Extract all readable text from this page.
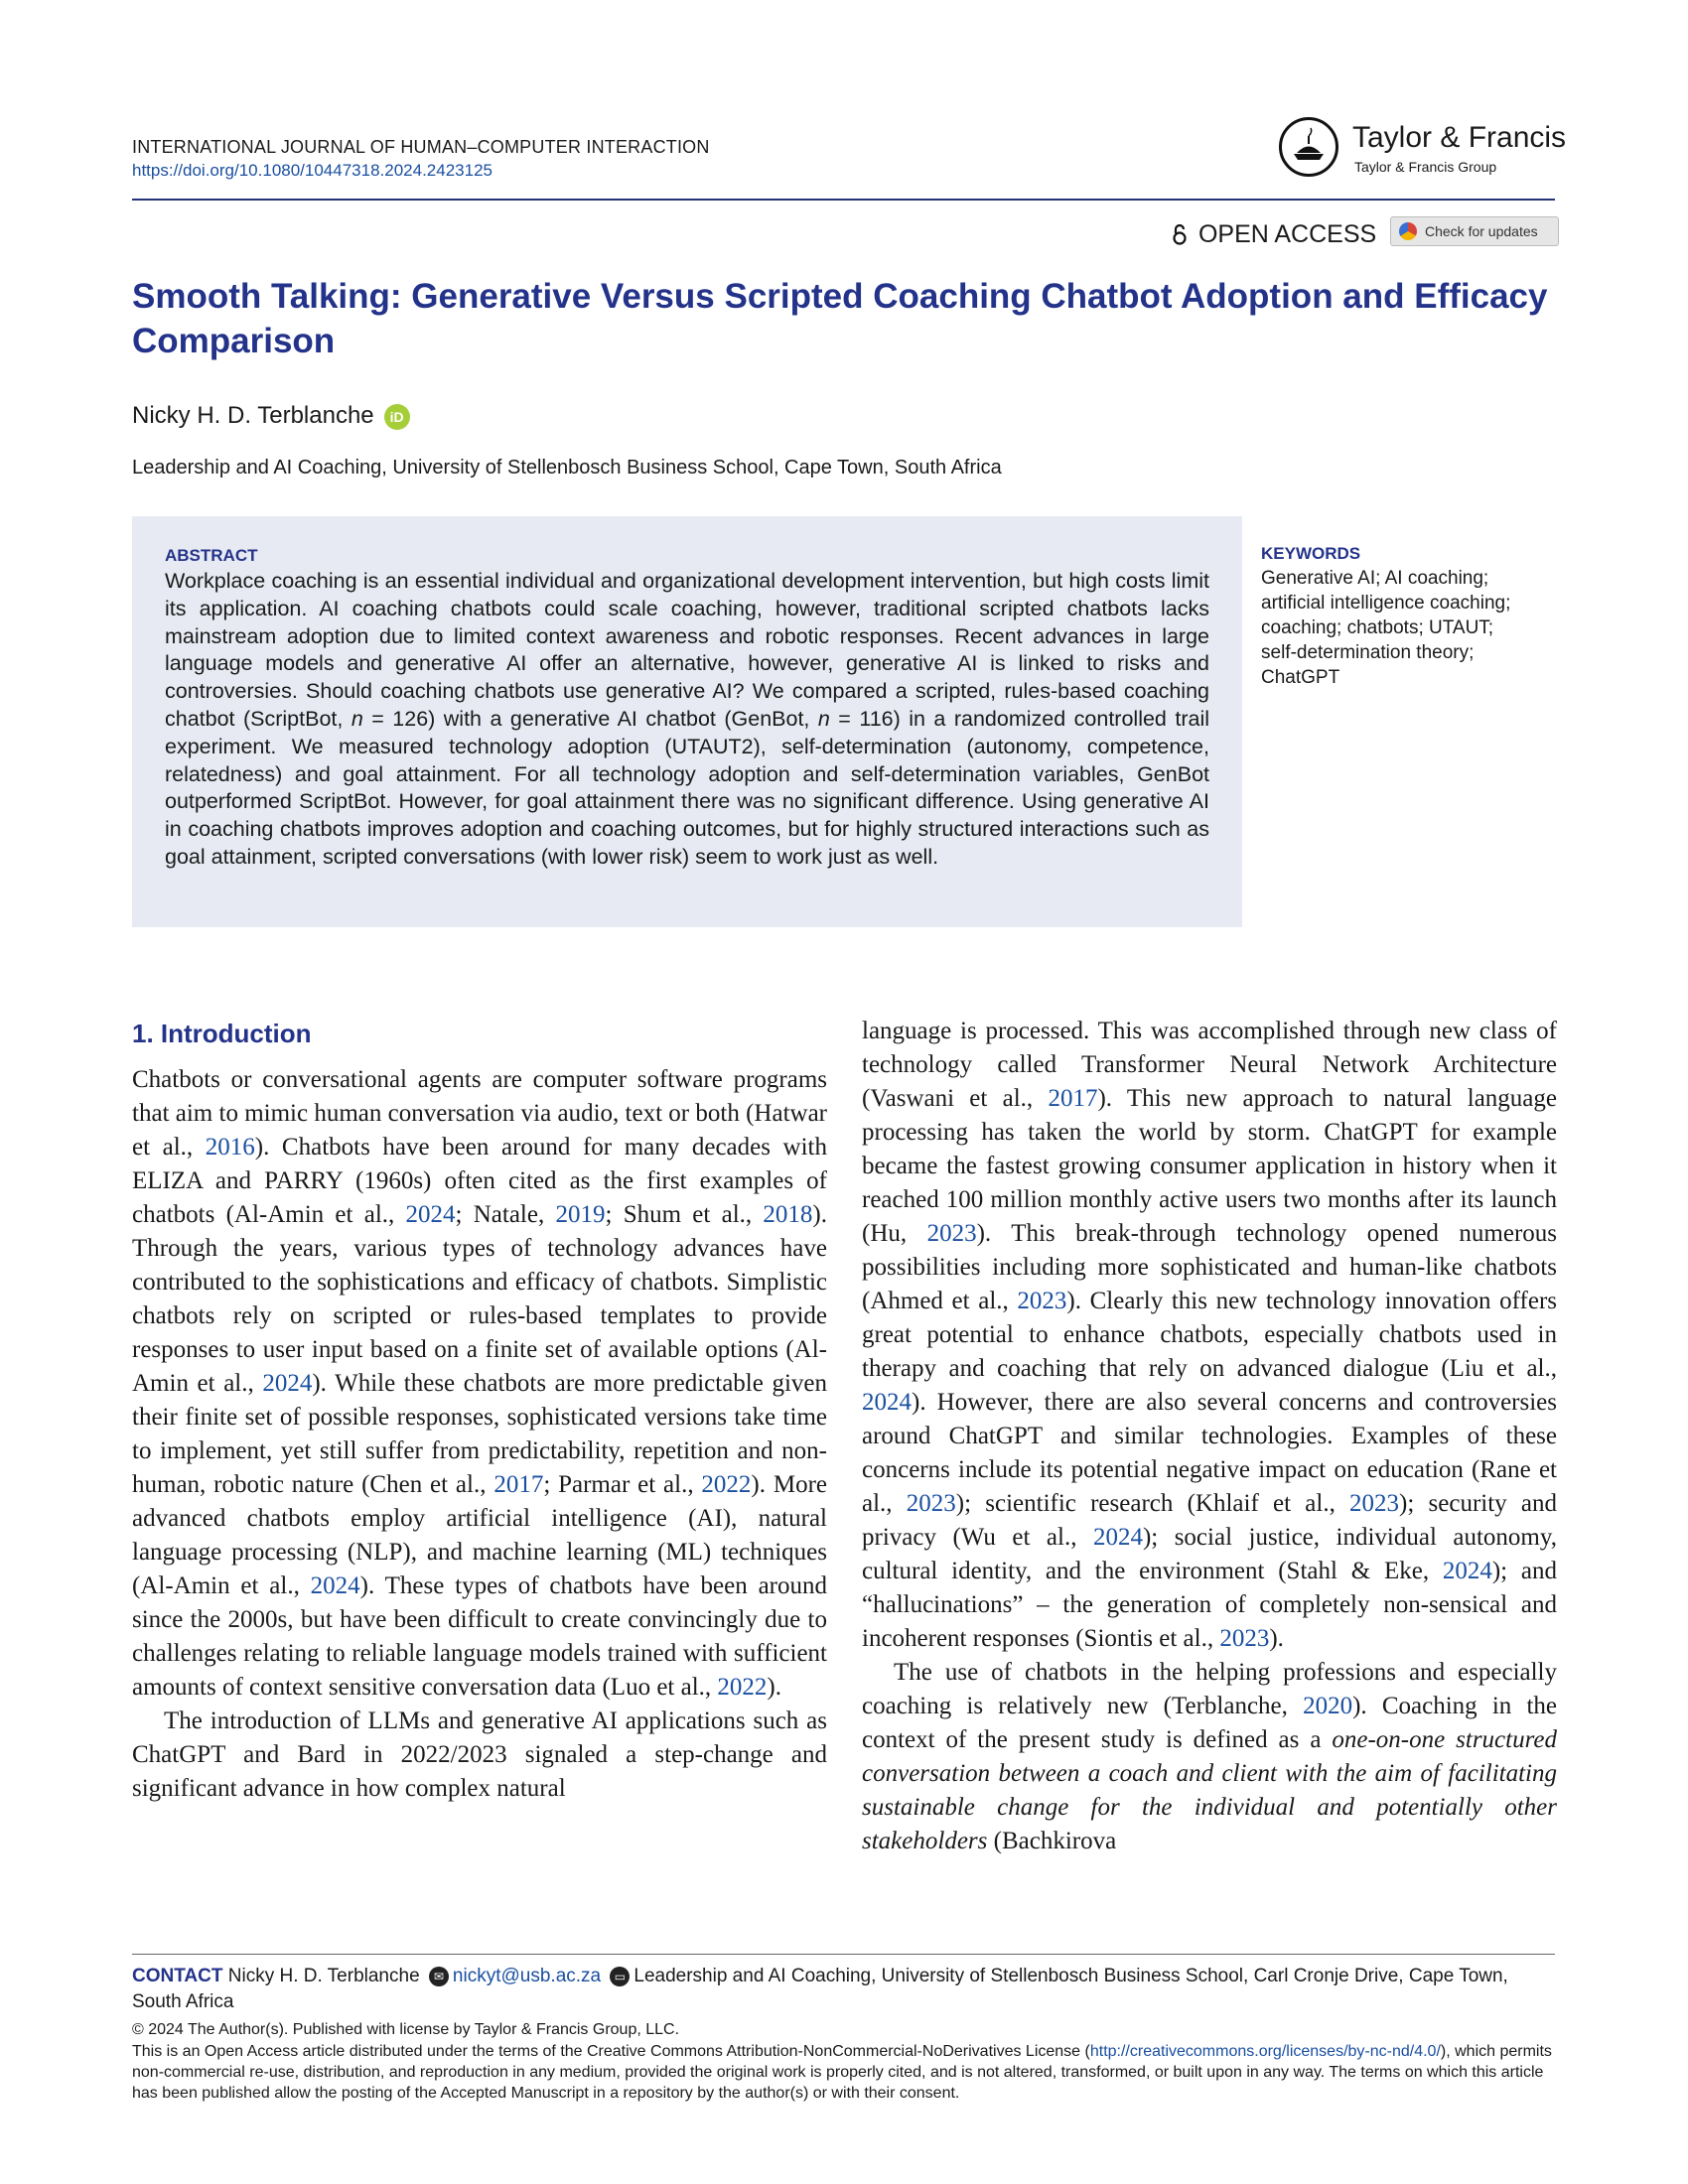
INTERNATIONAL JOURNAL OF HUMAN–COMPUTER INTERACTION
https://doi.org/10.1080/10447318.2024.2423125
Taylor & Francis
Taylor & Francis Group
OPEN ACCESS	Check for updates
Smooth Talking: Generative Versus Scripted Coaching Chatbot Adoption and Efficacy Comparison
Nicky H. D. Terblanche iD
Leadership and AI Coaching, University of Stellenbosch Business School, Cape Town, South Africa
ABSTRACT
Workplace coaching is an essential individual and organizational development intervention, but high costs limit its application. AI coaching chatbots could scale coaching, however, traditional scripted chatbots lacks mainstream adoption due to limited context awareness and robotic responses. Recent advances in large language models and generative AI offer an alternative, however, generative AI is linked to risks and controversies. Should coaching chatbots use generative AI? We compared a scripted, rules-based coaching chatbot (ScriptBot, n = 126) with a generative AI chatbot (GenBot, n = 116) in a randomized controlled trail experiment. We measured technology adoption (UTAUT2), self-determination (autonomy, competence, relatedness) and goal attainment. For all technology adoption and self-determination variables, GenBot outperformed ScriptBot. However, for goal attainment there was no significant difference. Using generative AI in coaching chatbots improves adoption and coaching outcomes, but for highly structured interactions such as goal attainment, scripted conversations (with lower risk) seem to work just as well.
KEYWORDS
Generative AI; AI coaching; artificial intelligence coaching; coaching; chatbots; UTAUT; self-determination theory; ChatGPT
1. Introduction

Chatbots or conversational agents are computer software programs that aim to mimic human conversation via audio, text or both (Hatwar et al., 2016). Chatbots have been around for many decades with ELIZA and PARRY (1960s) often cited as the first examples of chatbots (Al-Amin et al., 2024; Natale, 2019; Shum et al., 2018). Through the years, various types of technology advances have contributed to the sophistications and efficacy of chatbots. Simplistic chatbots rely on scripted or rules-based templates to provide responses to user input based on a finite set of available options (Al-Amin et al., 2024). While these chatbots are more predictable given their finite set of possible responses, sophisticated versions take time to implement, yet still suffer from predictability, repetition and non-human, robotic nature (Chen et al., 2017; Parmar et al., 2022). More advanced chatbots employ artificial intelligence (AI), natural language processing (NLP), and machine learning (ML) techniques (Al-Amin et al., 2024). These types of chatbots have been around since the 2000s, but have been difficult to create convincingly due to challenges relating to reliable language models trained with sufficient amounts of context sensitive conversation data (Luo et al., 2022).

The introduction of LLMs and generative AI applications such as ChatGPT and Bard in 2022/2023 signaled a step-change and significant advance in how complex natural

language is processed. This was accomplished through new class of technology called Transformer Neural Network Architecture (Vaswani et al., 2017). This new approach to natural language processing has taken the world by storm. ChatGPT for example became the fastest growing consumer application in history when it reached 100 million monthly active users two months after its launch (Hu, 2023). This break-through technology opened numerous possibilities including more sophisticated and human-like chatbots (Ahmed et al., 2023). Clearly this new technology innovation offers great potential to enhance chatbots, especially chatbots used in therapy and coaching that rely on advanced dialogue (Liu et al., 2024). However, there are also several concerns and controversies around ChatGPT and similar technologies. Examples of these concerns include its potential negative impact on education (Rane et al., 2023); scientific research (Khlaif et al., 2023); security and privacy (Wu et al., 2024); social justice, individual autonomy, cultural identity, and the environment (Stahl & Eke, 2024); and “hallucinations” – the generation of completely non-sensical and incoherent responses (Siontis et al., 2023).

The use of chatbots in the helping professions and especially coaching is relatively new (Terblanche, 2020). Coaching in the context of the present study is defined as a one-on-one structured conversation between a coach and client with the aim of facilitating sustainable change for the individual and potentially other stakeholders (Bachkirova

CONTACT Nicky H. D. Terblanche ✉ nickyt@usb.ac.za ▭ Leadership and AI Coaching, University of Stellenbosch Business School, Carl Cronje Drive, Cape Town, South Africa
© 2024 The Author(s). Published with license by Taylor & Francis Group, LLC.
This is an Open Access article distributed under the terms of the Creative Commons Attribution-NonCommercial-NoDerivatives License (http://creativecommons.org/licenses/by-nc-nd/4.0/), which permits non-commercial re-use, distribution, and reproduction in any medium, provided the original work is properly cited, and is not altered, transformed, or built upon in any way. The terms on which this article has been published allow the posting of the Accepted Manuscript in a repository by the author(s) or with their consent.
